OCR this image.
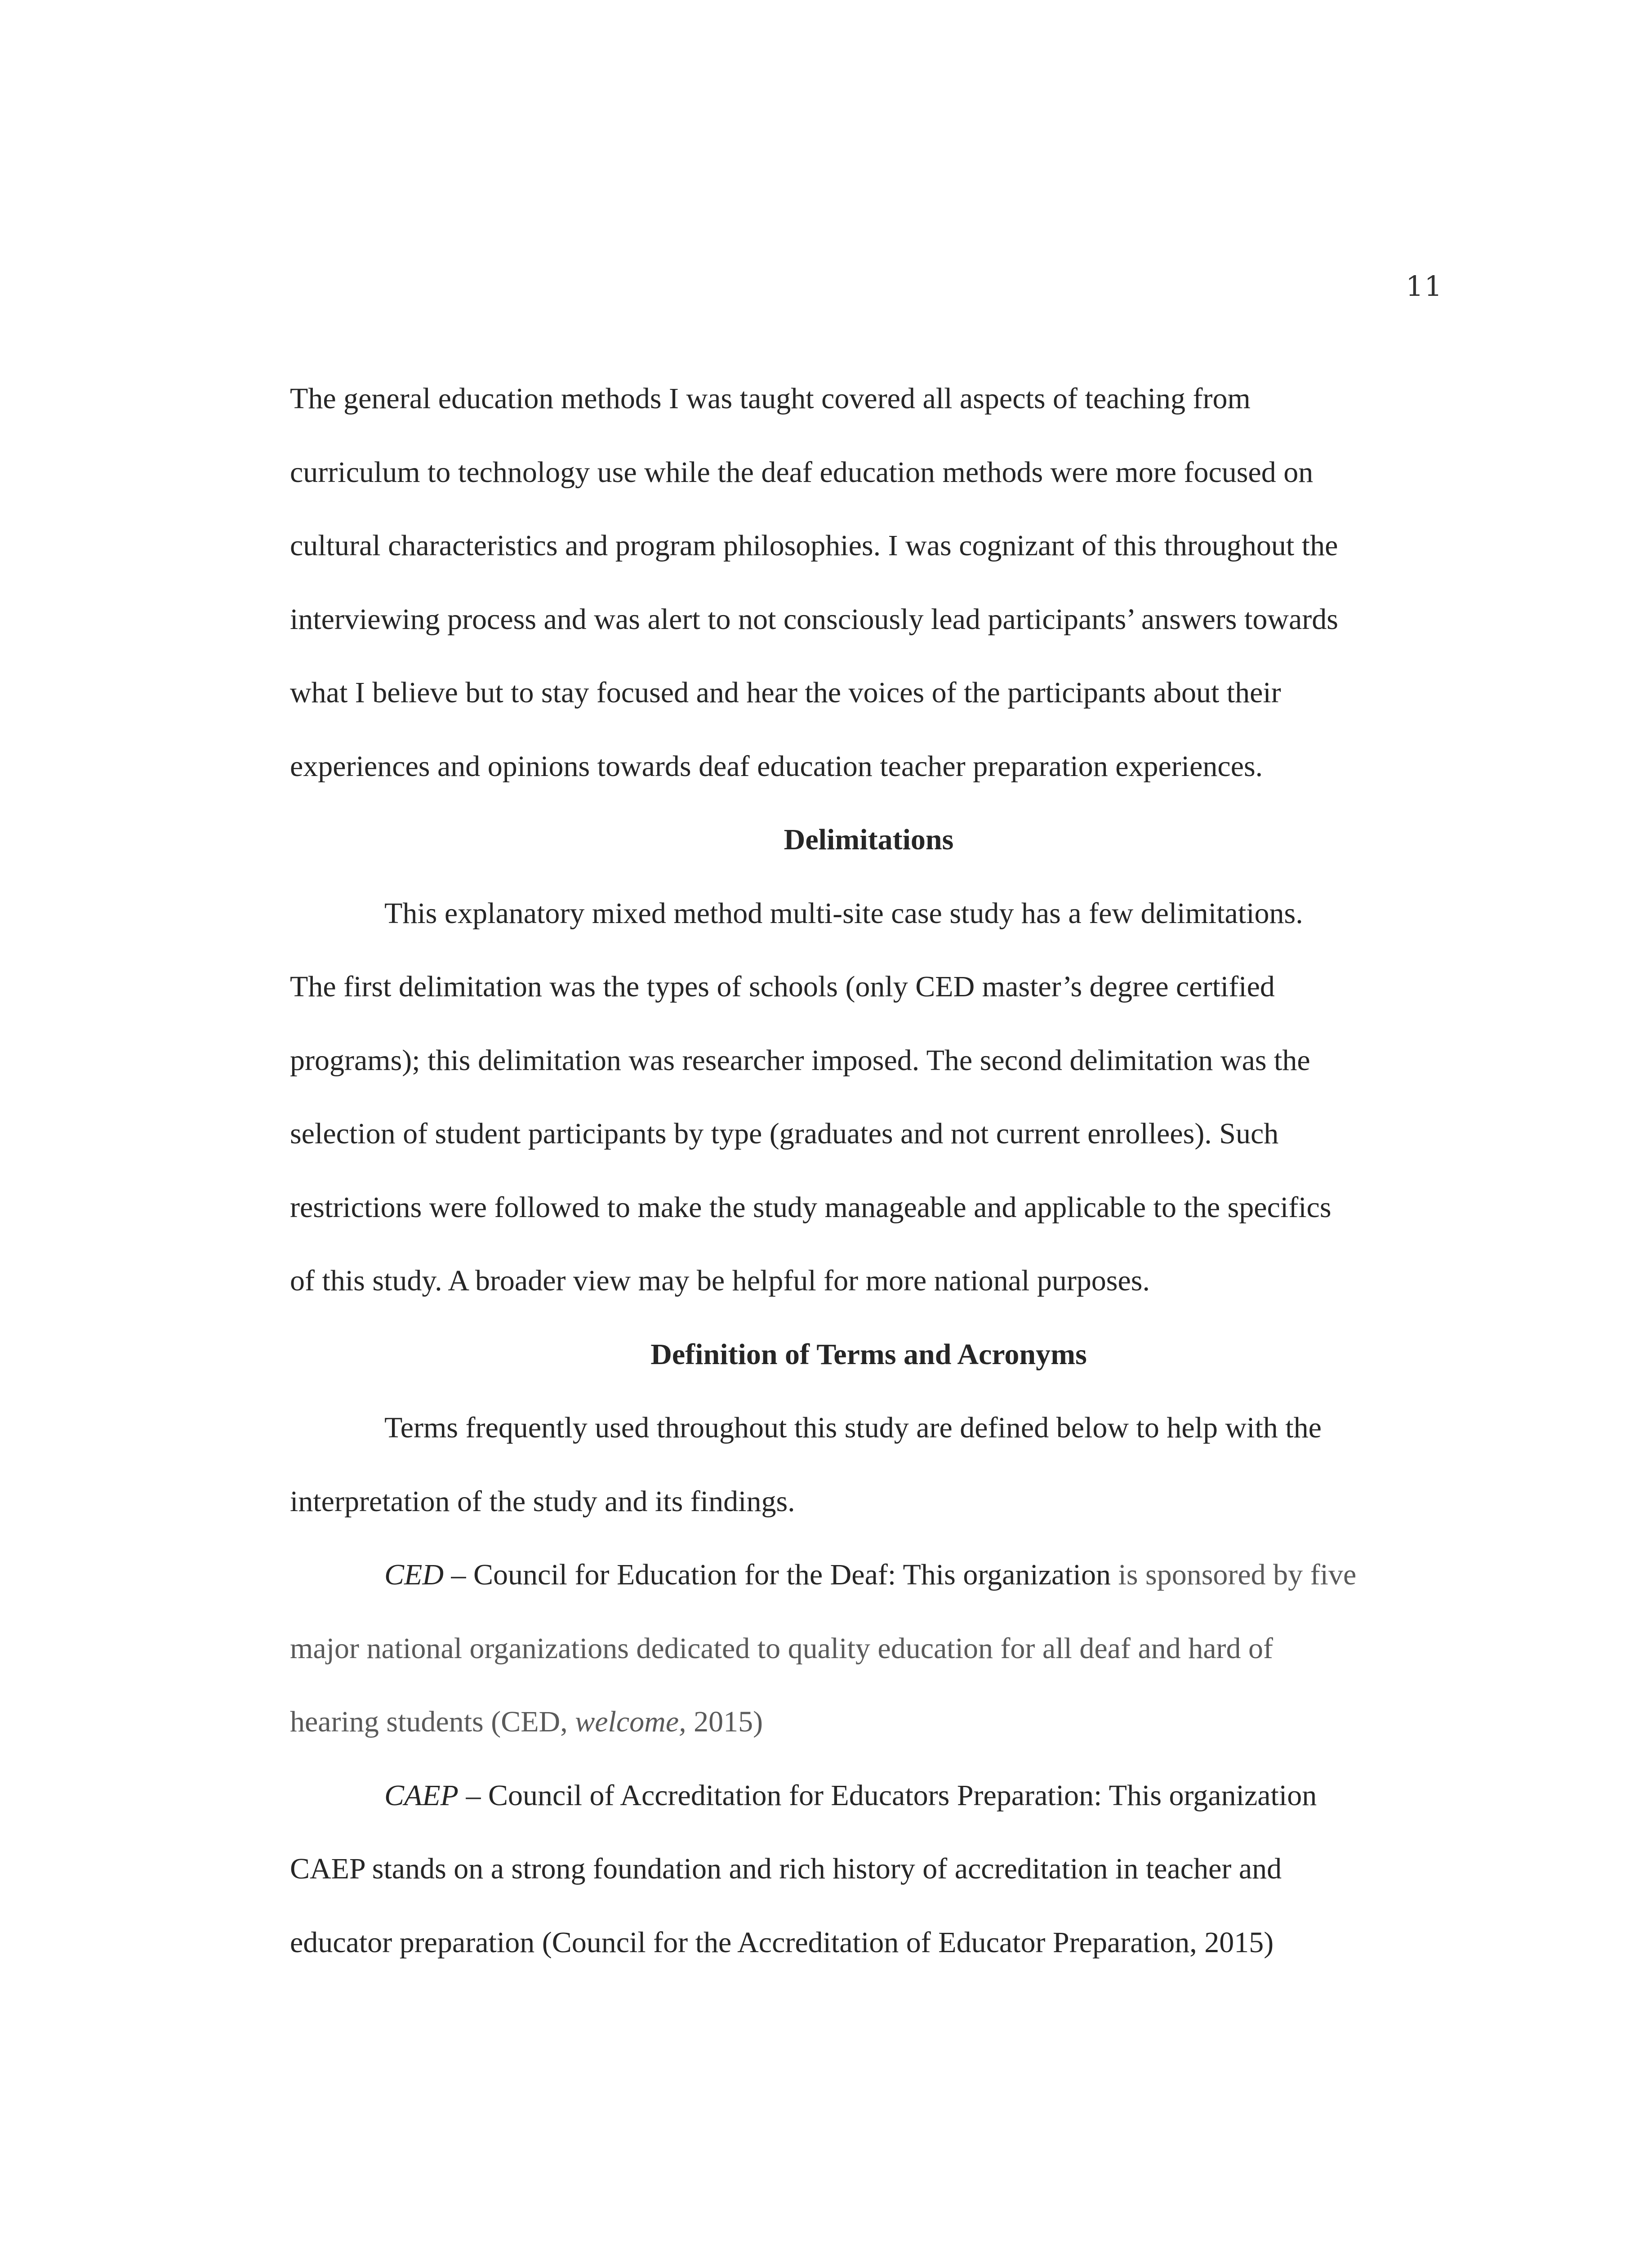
11
The general education methods I was taught covered all aspects of teaching from
curriculum to technology use while the deaf education methods were more focused on
cultural characteristics and program philosophies. I was cognizant of this throughout the
interviewing process and was alert to not consciously lead participants’ answers towards
what I believe but to stay focused and hear the voices of the participants about their
experiences and opinions towards deaf education teacher preparation experiences.
Delimitations
This explanatory mixed method multi-site case study has a few delimitations.
The first delimitation was the types of schools (only CED master’s degree certified
programs); this delimitation was researcher imposed. The second delimitation was the
selection of student participants by type (graduates and not current enrollees). Such
restrictions were followed to make the study manageable and applicable to the specifics
of this study. A broader view may be helpful for more national purposes.
Definition of Terms and Acronyms
Terms frequently used throughout this study are defined below to help with the
interpretation of the study and its findings.
CED – Council for Education for the Deaf: This organization is sponsored by five
major national organizations dedicated to quality education for all deaf and hard of
hearing students (CED, welcome, 2015)
CAEP – Council of Accreditation for Educators Preparation: This organization
CAEP stands on a strong foundation and rich history of accreditation in teacher and
educator preparation (Council for the Accreditation of Educator Preparation, 2015)
